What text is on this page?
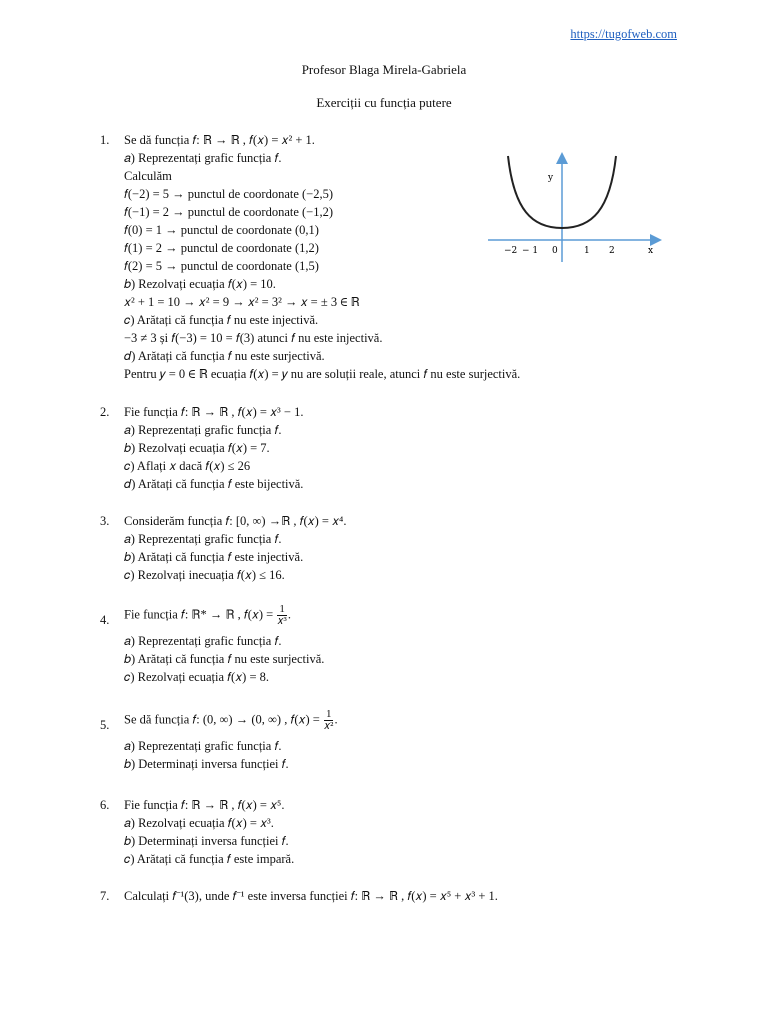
https://tugofweb.com
Profesor Blaga Mirela-Gabriela
Exerciții cu funcția putere
1.	Se dă funcția 𝑓: ℝ → ℝ , 𝑓(𝑥) = 𝑥² + 1.
𝑎) Reprezentați grafic funcția 𝑓.
Calculăm
𝑓(−2) = 5 → punctul de coordonate (−2,5)
𝑓(−1) = 2 → punctul de coordonate (−1,2)
𝑓(0) = 1 → punctul de coordonate (0,1)
𝑓(1) = 2 → punctul de coordonate (1,2)
𝑓(2) = 5 → punctul de coordonate (1,5)
𝑏) Rezolvați ecuația 𝑓(𝑥) = 10.
𝑥² + 1 = 10 → 𝑥² = 9 → 𝑥² = 3² → 𝑥 = ± 3 ∈ ℝ
𝑐) Arătați că funcția 𝑓 nu este injectivă.
−3 ≠ 3 și 𝑓(−3) = 10 = 𝑓(3) atunci 𝑓 nu este injectivă.
𝑑) Arătați că funcția 𝑓 nu este surjectivă.
Pentru 𝑦 = 0 ∈ ℝ ecuația 𝑓(𝑥) = 𝑦 nu are soluții reale, atunci 𝑓 nu este surjectivă.
y
x
−2 − 1 0	1 2
2.	Fie funcția 𝑓: ℝ → ℝ , 𝑓(𝑥) = 𝑥³ − 1.
𝑎) Reprezentați grafic funcția 𝑓.
𝑏) Rezolvați ecuația 𝑓(𝑥) = 7.
𝑐) Aflați 𝑥 dacă 𝑓(𝑥) ≤ 26
𝑑) Arătați că funcția 𝑓 este bijectivă.
3.	Considerăm funcția 𝑓: [0, ∞) →ℝ , 𝑓(𝑥) = 𝑥⁴.
𝑎) Reprezentați grafic funcția 𝑓.
𝑏) Arătați că funcția 𝑓 este injectivă.
𝑐) Rezolvați inecuația 𝑓(𝑥) ≤ 16.
4.	Fie funcția 𝑓: ℝ* → ℝ , 𝑓(𝑥) = $\frac{1}{\text{𝑥³}}$ .
𝑎) Reprezentați grafic funcția 𝑓.
𝑏) Arătați că funcția 𝑓 nu este surjectivă.
𝑐) Rezolvați ecuația 𝑓(𝑥) = 8.
5.	Se dă funcția 𝑓: (0, ∞) → (0, ∞) , 𝑓(𝑥) = $\frac{1}{\text{𝑥²}}$ .
𝑎) Reprezentați grafic funcția 𝑓.
𝑏) Determinați inversa funcției 𝑓.
6.	Fie funcția 𝑓: ℝ → ℝ , 𝑓(𝑥) = 𝑥⁵.
𝑎) Rezolvați ecuația 𝑓(𝑥) = 𝑥³.
𝑏) Determinați inversa funcției 𝑓.
𝑐) Arătați că funcția 𝑓 este impară.
7.	Calculați 𝑓⁻¹(3), unde 𝑓⁻¹ este inversa funcției 𝑓: ℝ → ℝ , 𝑓(𝑥) = 𝑥⁵ + 𝑥³ + 1.
